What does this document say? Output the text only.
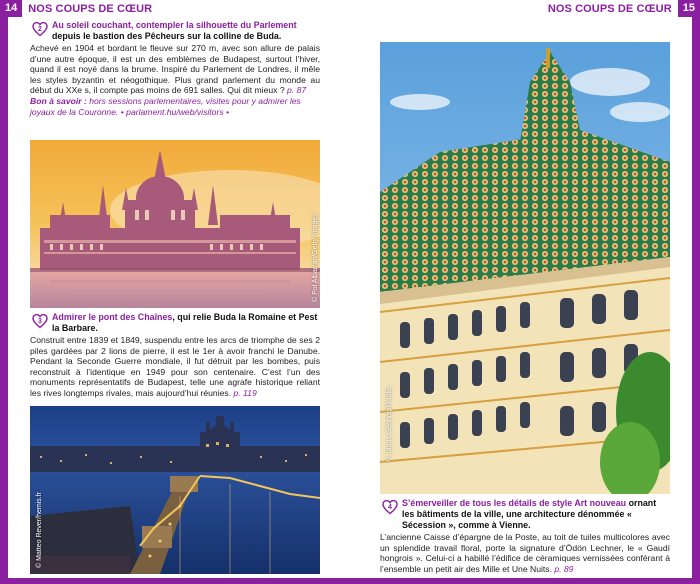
14	NOS COUPS DE CŒUR	NOS COUPS DE CŒUR	15
2 Au soleil couchant, contempler la silhouette du Parlement depuis le bastion des Pêcheurs sur la colline de Buda.
Achevé en 1904 et bordant le fleuve sur 270 m, avec son allure de palais d’une autre époque, il est un des emblèmes de Budapest, surtout l’hiver, quand il est noyé dans la brume. Inspiré du Parlement de Londres, il mêle les styles byzantin et néogothique. Plus grand parlement du monde au début du XXe s, il compte pas moins de 691 salles. Qui dit mieux ? p. 87
Bon à savoir : hors sessions parlementaires, visites pour y admirer les joyaux de la Couronne. • parlament.hu/web/visitors •
© Pol Albarrán/Getty Images
3 Admirer le pont des Chaînes, qui relie Buda la Romaine et Pest la Barbare.
Construit entre 1839 et 1849, suspendu entre les arcs de triomphe de ses 2 piles gardées par 2 lions de pierre, il est le 1er à avoir franchi le Danube. Pendant la Seconde Guerre mondiale, il fut détruit par les bombes, puis reconstruit à l’identique en 1949 pour son centenaire. C’est l’un des monuments représentatifs de Budapest, telle une agrafe historique reliant les rives longtemps rivales, mais aujourd’hui réunies. p. 119
© Matteo Rever/hemis.fr
© Janos Gehring/Fotolia
4 S’émerveiller de tous les détails de style Art nouveau ornant les bâtiments de la ville, une architecture dénommée « Sécession », comme à Vienne.
L’ancienne Caisse d’épargne de la Poste, au toit de tuiles multicolores avec un splendide travail floral, porte la signature d’Ödön Lechner, le « Gaudí hongrois ». Celui-ci a habillé l’édifice de céramiques vernissées conférant à l’ensemble un petit air des Mille et Une Nuits. p. 89
